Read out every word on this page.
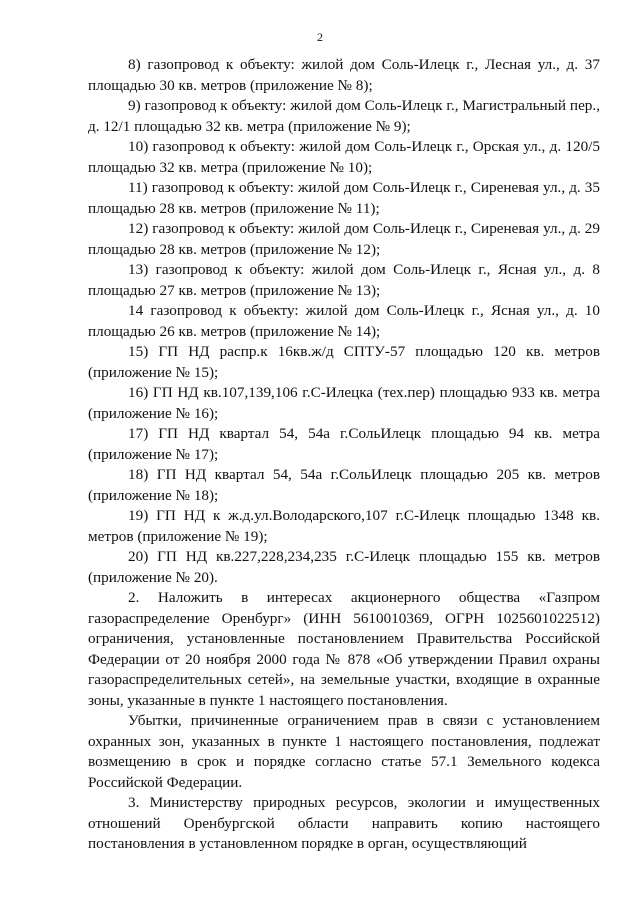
2

8) газопровод к объекту: жилой дом Соль-Илецк г., Лесная ул., д. 37 площадью 30 кв. метров (приложение № 8);

9) газопровод к объекту: жилой дом Соль-Илецк г., Магистральный пер., д. 12/1 площадью 32 кв. метра (приложение № 9);

10) газопровод к объекту: жилой дом Соль-Илецк г., Орская ул., д. 120/5 площадью 32 кв. метра (приложение № 10);

11) газопровод к объекту: жилой дом Соль-Илецк г., Сиреневая ул., д. 35 площадью 28 кв. метров (приложение № 11);

12) газопровод к объекту: жилой дом Соль-Илецк г., Сиреневая ул., д. 29 площадью 28 кв. метров (приложение № 12);

13) газопровод к объекту: жилой дом Соль-Илецк г., Ясная ул., д. 8 площадью 27 кв. метров (приложение № 13);

14 газопровод к объекту: жилой дом Соль-Илецк г., Ясная ул., д. 10 площадью 26 кв. метров (приложение № 14);

15) ГП НД распр.к 16кв.ж/д СПТУ-57 площадью 120 кв. метров (приложение № 15);

16) ГП НД кв.107,139,106 г.С-Илецка (тех.пер) площадью 933 кв. метра (приложение № 16);

17) ГП НД квартал 54, 54а г.СольИлецк площадью 94 кв. метра (приложение № 17);

18) ГП НД квартал 54, 54а г.СольИлецк площадью 205 кв. метров (приложение № 18);

19) ГП НД к ж.д.ул.Володарского,107 г.С-Илецк площадью 1348 кв. метров (приложение № 19);

20) ГП НД кв.227,228,234,235 г.С-Илецк площадью 155 кв. метров (приложение № 20).

2. Наложить в интересах акционерного общества «Газпром газораспределение Оренбург» (ИНН 5610010369, ОГРН 1025601022512) ограничения, установленные постановлением Правительства Российской Федерации от 20 ноября 2000 года № 878 «Об утверждении Правил охраны газораспределительных сетей», на земельные участки, входящие в охранные зоны, указанные в пункте 1 настоящего постановления.

Убытки, причиненные ограничением прав в связи с установлением охранных зон, указанных в пункте 1 настоящего постановления, подлежат возмещению в срок и порядке согласно статье 57.1 Земельного кодекса Российской Федерации.

3. Министерству природных ресурсов, экологии и имущественных отношений Оренбургской области направить копию настоящего постановления в установленном порядке в орган, осуществляющий
